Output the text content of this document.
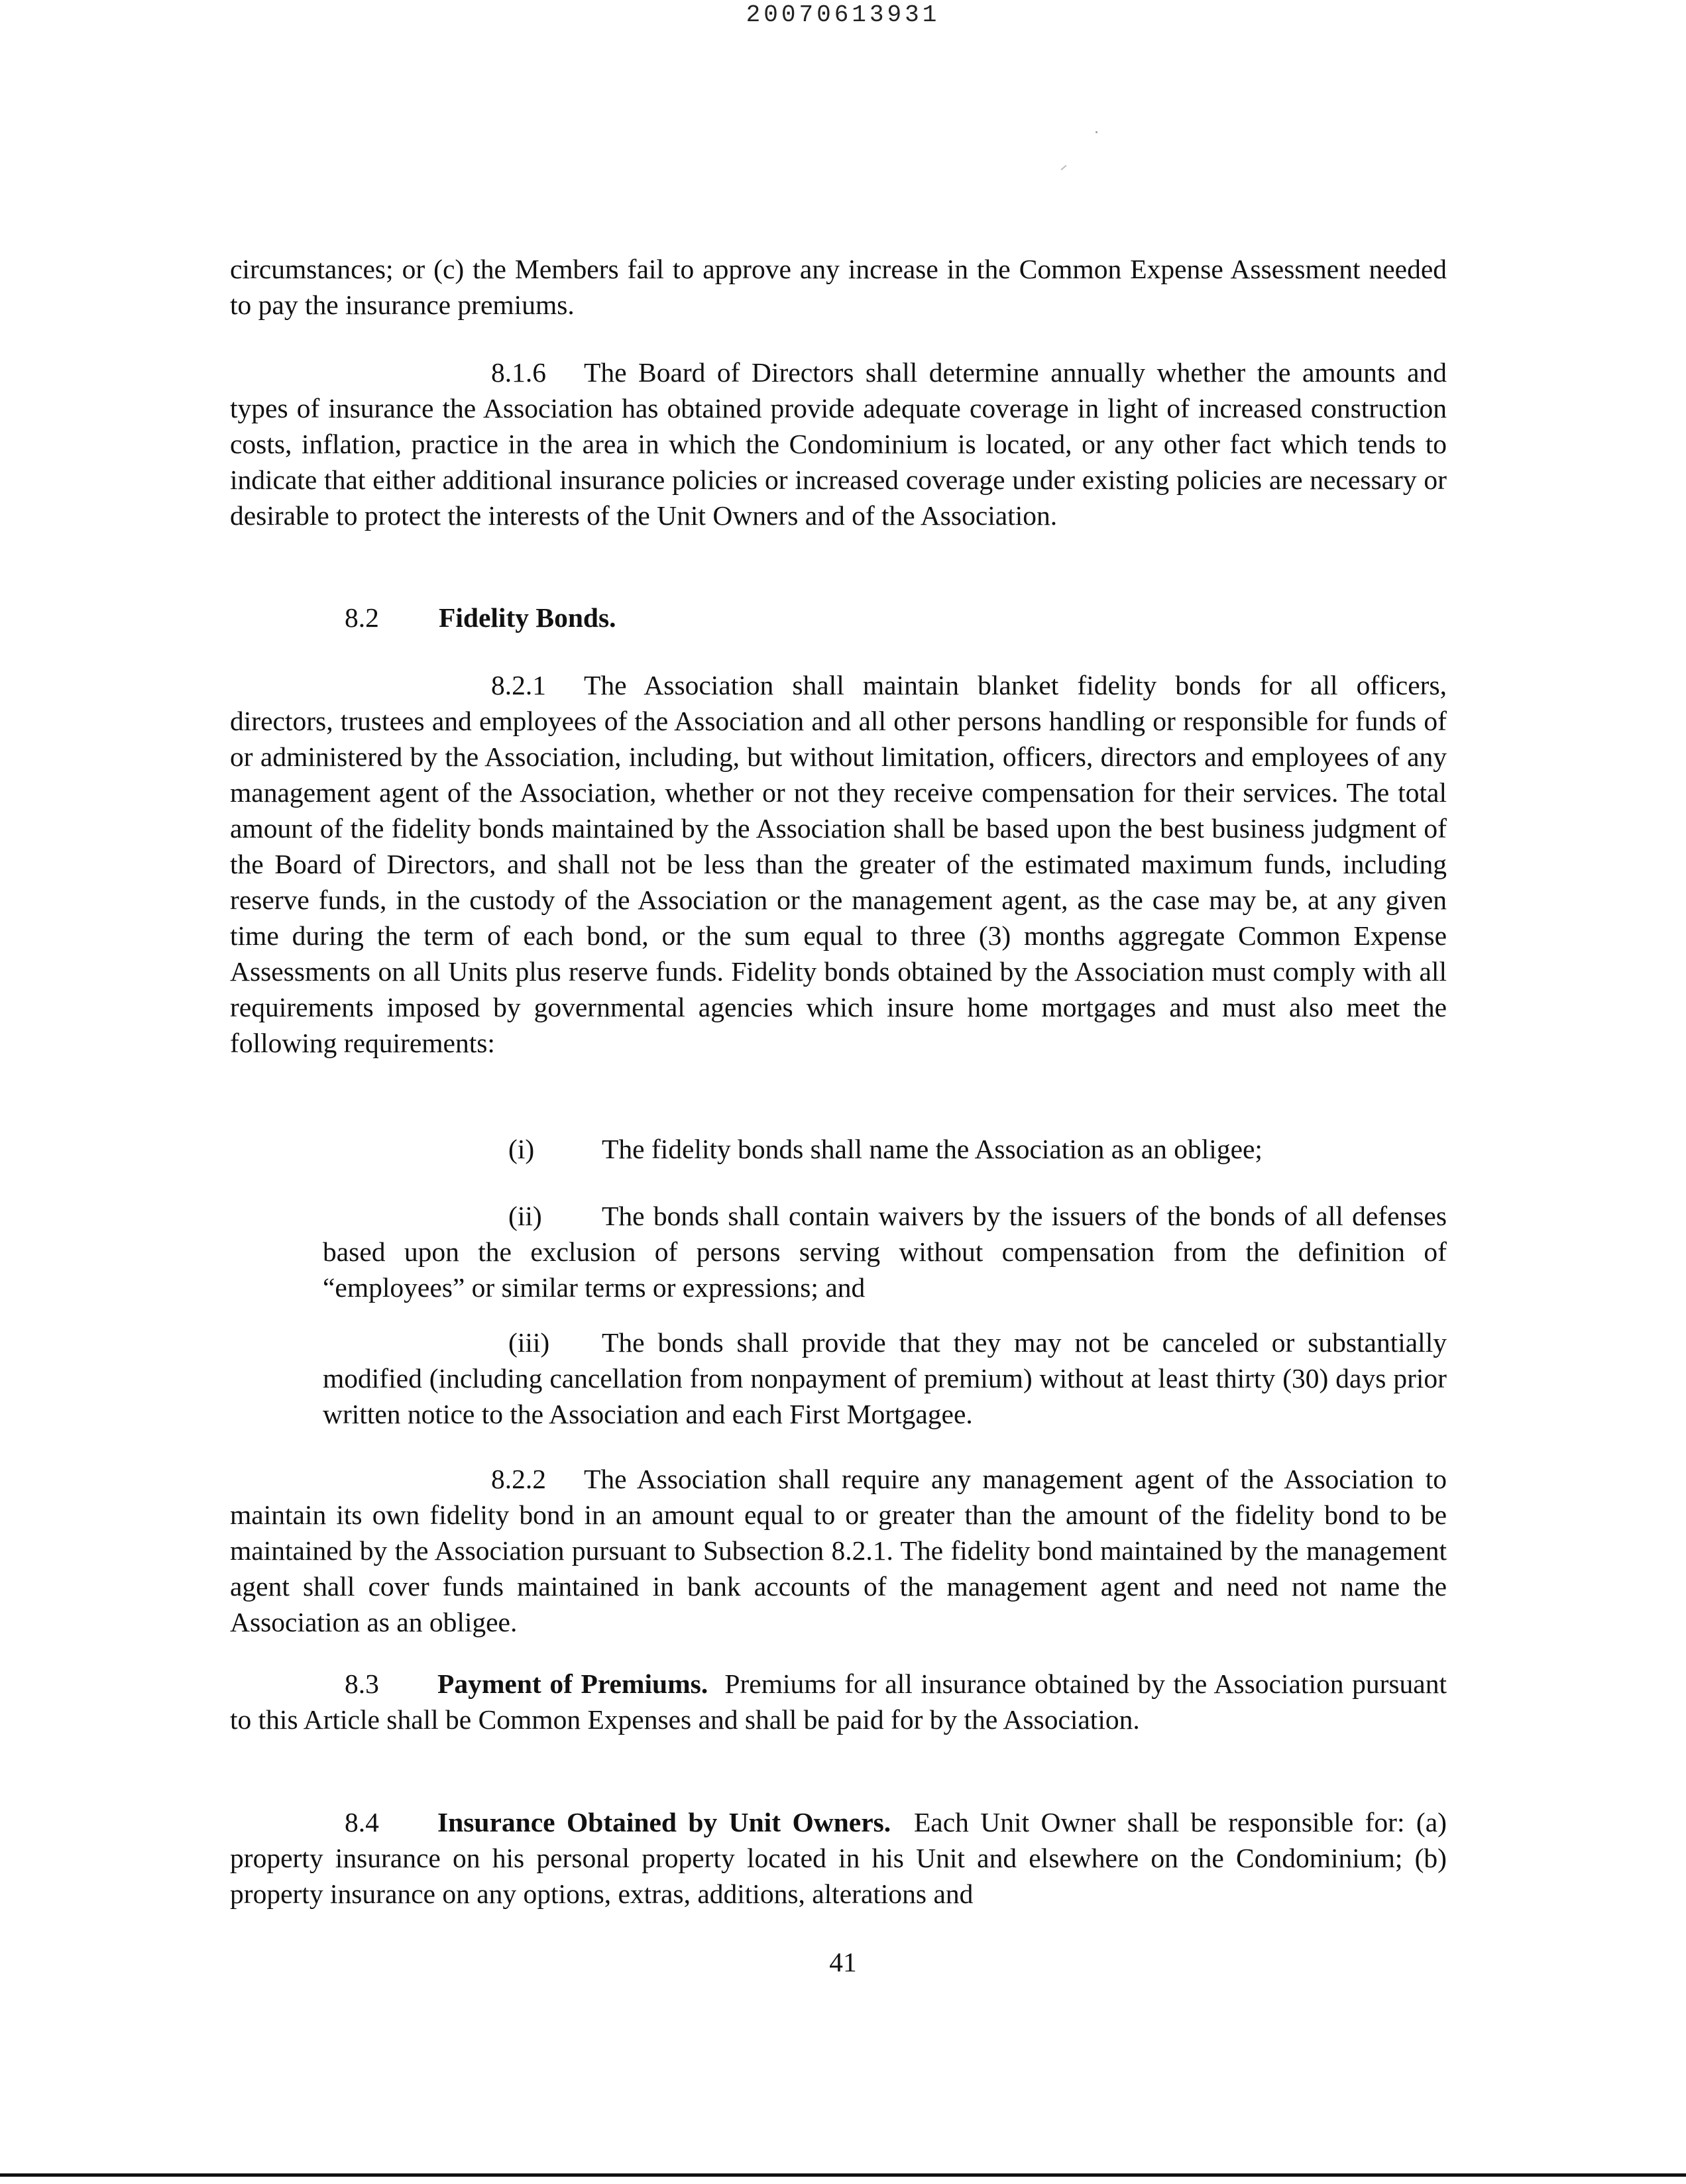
20070613931
circumstances; or (c) the Members fail to approve any increase in the Common Expense Assessment needed to pay the insurance premiums.
8.1.6 The Board of Directors shall determine annually whether the amounts and types of insurance the Association has obtained provide adequate coverage in light of increased construction costs, inflation, practice in the area in which the Condominium is located, or any other fact which tends to indicate that either additional insurance policies or increased coverage under existing policies are necessary or desirable to protect the interests of the Unit Owners and of the Association.
8.2 Fidelity Bonds.
8.2.1 The Association shall maintain blanket fidelity bonds for all officers, directors, trustees and employees of the Association and all other persons handling or responsible for funds of or administered by the Association, including, but without limitation, officers, directors and employees of any management agent of the Association, whether or not they receive compensation for their services. The total amount of the fidelity bonds maintained by the Association shall be based upon the best business judgment of the Board of Directors, and shall not be less than the greater of the estimated maximum funds, including reserve funds, in the custody of the Association or the management agent, as the case may be, at any given time during the term of each bond, or the sum equal to three (3) months aggregate Common Expense Assessments on all Units plus reserve funds. Fidelity bonds obtained by the Association must comply with all requirements imposed by governmental agencies which insure home mortgages and must also meet the following requirements:
(i) The fidelity bonds shall name the Association as an obligee;
(ii) The bonds shall contain waivers by the issuers of the bonds of all defenses based upon the exclusion of persons serving without compensation from the definition of “employees” or similar terms or expressions; and
(iii) The bonds shall provide that they may not be canceled or substantially modified (including cancellation from nonpayment of premium) without at least thirty (30) days prior written notice to the Association and each First Mortgagee.
8.2.2 The Association shall require any management agent of the Association to maintain its own fidelity bond in an amount equal to or greater than the amount of the fidelity bond to be maintained by the Association pursuant to Subsection 8.2.1. The fidelity bond maintained by the management agent shall cover funds maintained in bank accounts of the management agent and need not name the Association as an obligee.
8.3 Payment of Premiums. Premiums for all insurance obtained by the Association pursuant to this Article shall be Common Expenses and shall be paid for by the Association.
8.4 Insurance Obtained by Unit Owners. Each Unit Owner shall be responsible for: (a) property insurance on his personal property located in his Unit and elsewhere on the Condominium; (b) property insurance on any options, extras, additions, alterations and
41
